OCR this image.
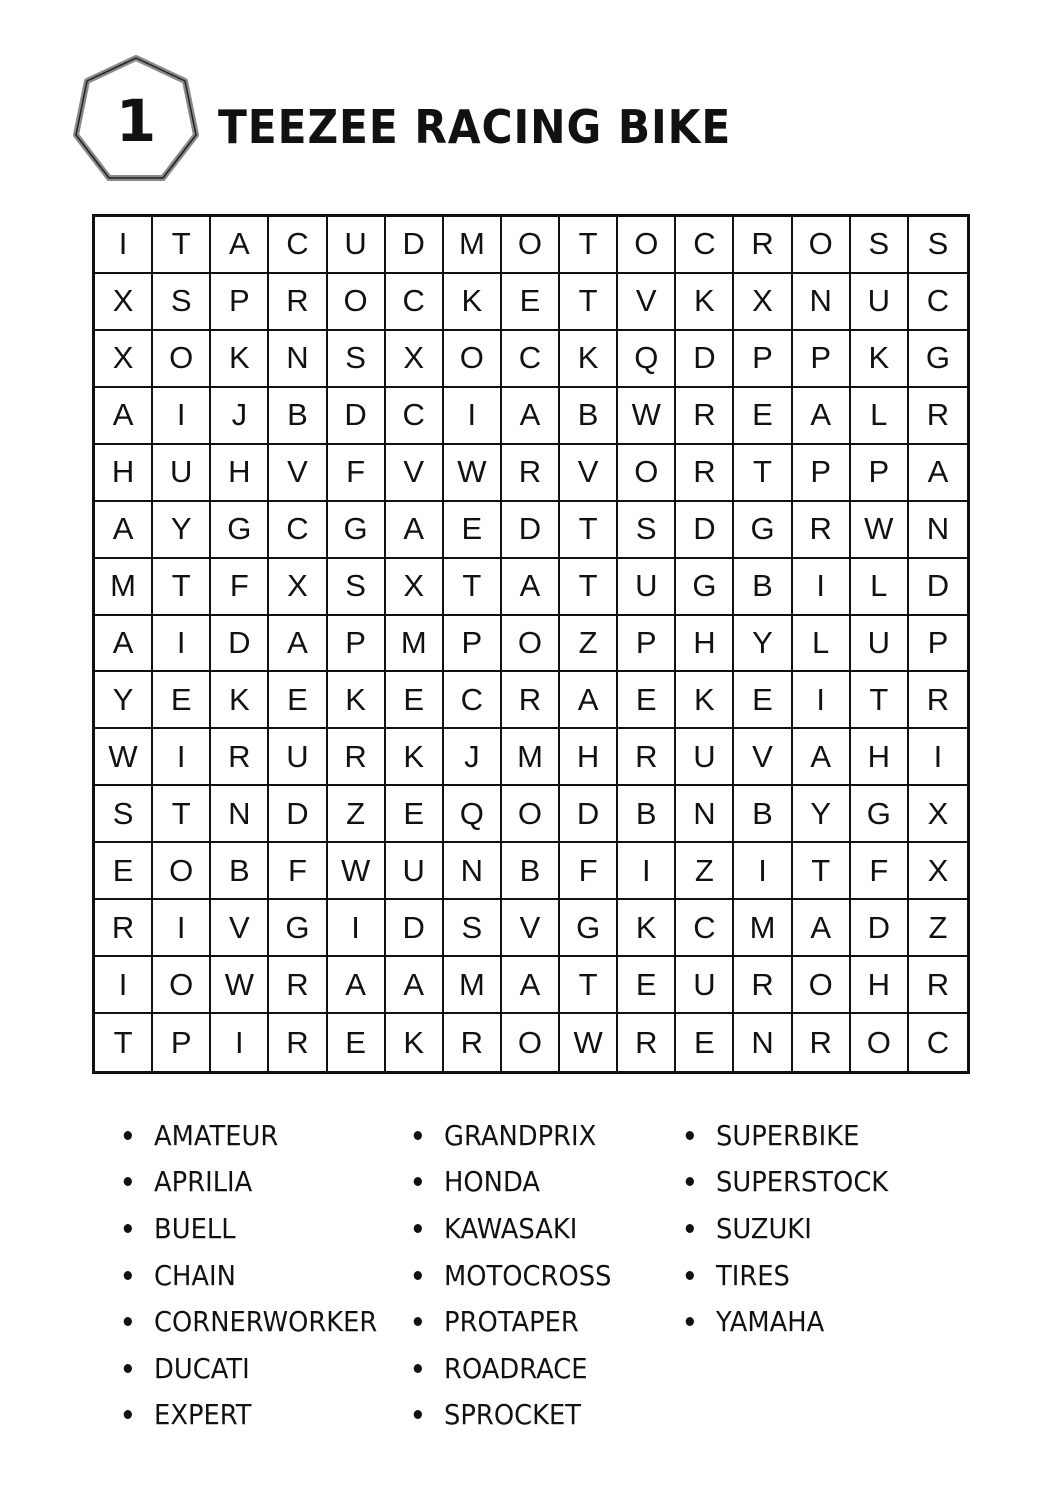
1	TEEZEE RACING BIKE
I	T	A	C	U	D	M	O	T	O	C	R	O	S	S
X	S	P	R	O	C	K	E	T	V	K	X	N	U	C
X	O	K	N	S	X	O	C	K	Q	D	P	P	K	G
A	I	J	B	D	C	I	A	B	W	R	E	A	L	R
H	U	H	V	F	V	W	R	V	O	R	T	P	P	A
A	Y	G	C	G	A	E	D	T	S	D	G	R	W	N
M	T	F	X	S	X	T	A	T	U	G	B	I	L	D
A	I	D	A	P	M	P	O	Z	P	H	Y	L	U	P
Y	E	K	E	K	E	C	R	A	E	K	E	I	T	R
W	I	R	U	R	K	J	M	H	R	U	V	A	H	I
S	T	N	D	Z	E	Q	O	D	B	N	B	Y	G	X
E	O	B	F	W	U	N	B	F	I	Z	I	T	F	X
R	I	V	G	I	D	S	V	G	K	C	M	A	D	Z
I	O	W	R	A	A	M	A	T	E	U	R	O	H	R
T	P	I	R	E	K	R	O	W	R	E	N	R	O	C
AMATEUR
APRILIA
BUELL
CHAIN
CORNERWORKER
DUCATI
EXPERT
GRANDPRIX
HONDA
KAWASAKI
MOTOCROSS
PROTAPER
ROADRACE
SPROCKET
SUPERBIKE
SUPERSTOCK
SUZUKI
TIRES
YAMAHA
